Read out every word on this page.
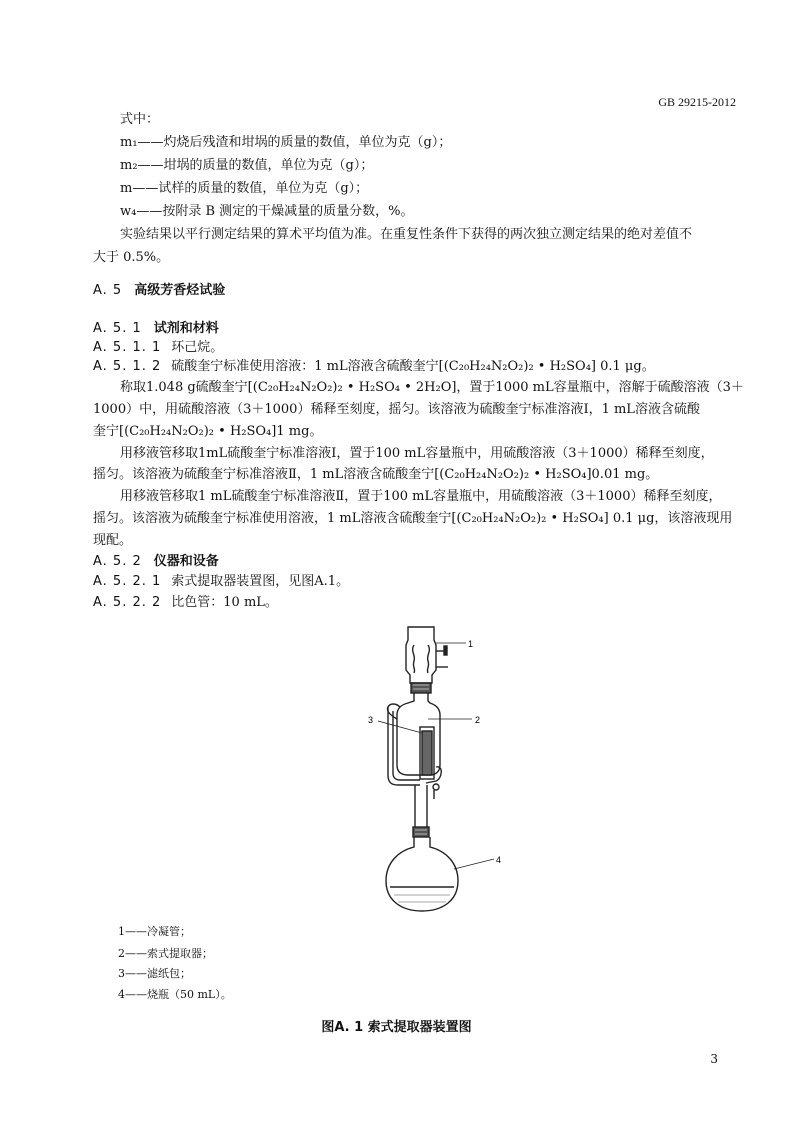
GB 29215-2012
式中：
m₁——灼烧后残渣和坩埚的质量的数值，单位为克（g）；
m₂——坩埚的质量的数值，单位为克（g）；
m——试样的质量的数值，单位为克（g）；
w₄——按附录 B 测定的干燥减量的质量分数，%。
实验结果以平行测定结果的算术平均值为准。在重复性条件下获得的两次独立测定结果的绝对差值不
大于 0.5%。
A. 5 高级芳香烃试验
A. 5. 1 试剂和材料
A. 5. 1. 1 环己烷。
A. 5. 1. 2 硫酸奎宁标准使用溶液：1 mL溶液含硫酸奎宁[(C₂₀H₂₄N₂O₂)₂ • H₂SO₄] 0.1 μg。
称取1.048 g硫酸奎宁[(C₂₀H₂₄N₂O₂)₂ • H₂SO₄ • 2H₂O]，置于1000 mL容量瓶中，溶解于硫酸溶液（3＋
1000）中，用硫酸溶液（3＋1000）稀释至刻度，摇匀。该溶液为硫酸奎宁标准溶液Ⅰ，1 mL溶液含硫酸
奎宁[(C₂₀H₂₄N₂O₂)₂ • H₂SO₄]1 mg。
用移液管移取1mL硫酸奎宁标准溶液Ⅰ，置于100 mL容量瓶中，用硫酸溶液（3＋1000）稀释至刻度，
摇匀。该溶液为硫酸奎宁标准溶液Ⅱ，1 mL溶液含硫酸奎宁[(C₂₀H₂₄N₂O₂)₂ • H₂SO₄]0.01 mg。
用移液管移取1 mL硫酸奎宁标准溶液Ⅱ，置于100 mL容量瓶中，用硫酸溶液（3＋1000）稀释至刻度，
摇匀。该溶液为硫酸奎宁标准使用溶液，1 mL溶液含硫酸奎宁[(C₂₀H₂₄N₂O₂)₂ • H₂SO₄] 0.1 μg，该溶液现用
现配。
A. 5. 2 仪器和设备
A. 5. 2. 1 索式提取器装置图，见图A.1。
A. 5. 2. 2 比色管：10 mL。
1
2
3
4
1——冷凝管；
2——索式提取器；
3——滤纸包；
4——烧瓶（50 mL）。
图A. 1 索式提取器装置图
3
